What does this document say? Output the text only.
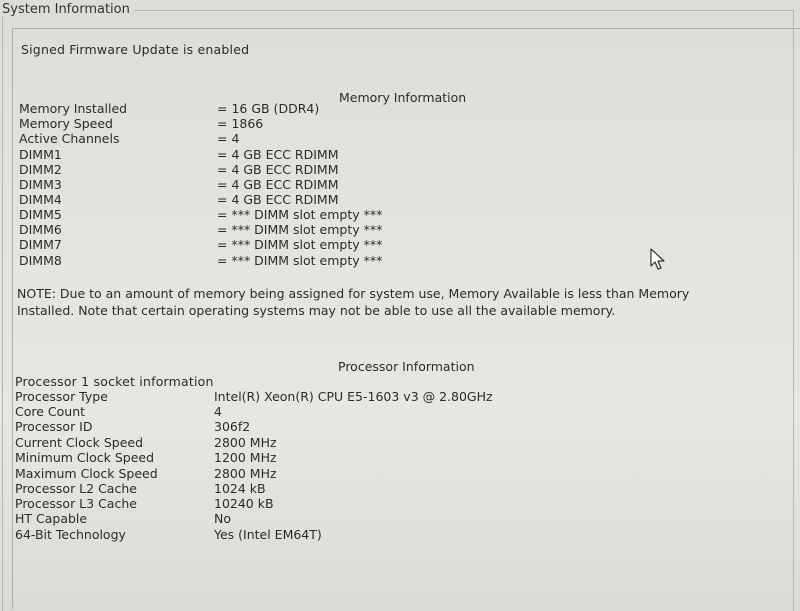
System Information
Signed Firmware Update is enabled
Memory Information
Memory Installed	= 16 GB (DDR4)
Memory Speed	= 1866
Active Channels	= 4
DIMM1	= 4 GB ECC RDIMM
DIMM2	= 4 GB ECC RDIMM
DIMM3	= 4 GB ECC RDIMM
DIMM4	= 4 GB ECC RDIMM
DIMM5	= *** DIMM slot empty ***
DIMM6	= *** DIMM slot empty ***
DIMM7	= *** DIMM slot empty ***
DIMM8	= *** DIMM slot empty ***
NOTE: Due to an amount of memory being assigned for system use, Memory Available is less than Memory Installed. Note that certain operating systems may not be able to use all the available memory.
Processor Information
Processor 1 socket information
Processor Type	Intel(R) Xeon(R) CPU E5-1603 v3 @ 2.80GHz
Core Count	4
Processor ID	306f2
Current Clock Speed	2800 MHz
Minimum Clock Speed	1200 MHz
Maximum Clock Speed	2800 MHz
Processor L2 Cache	1024 kB
Processor L3 Cache	10240 kB
HT Capable	No
64-Bit Technology	Yes (Intel EM64T)
